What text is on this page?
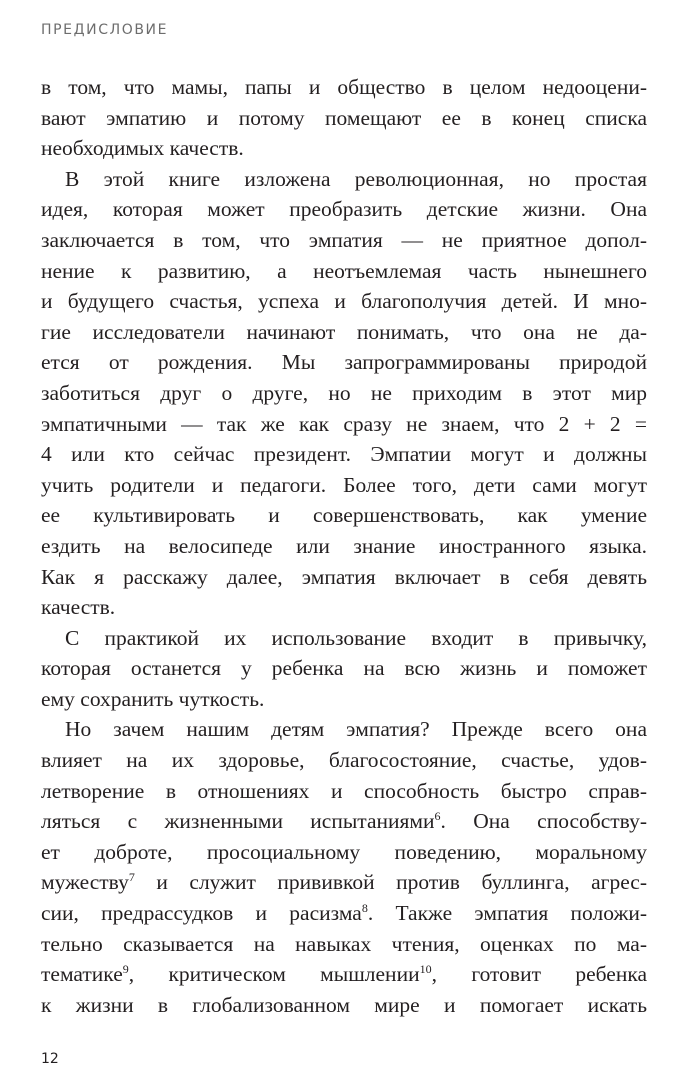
ПРЕДИСЛОВИЕ
в том, что мамы, папы и общество в целом недооцени-
вают эмпатию и потому помещают ее в конец списка
необходимых качеств.
В этой книге изложена революционная, но простая
идея, которая может преобразить детские жизни. Она
заключается в том, что эмпатия — не приятное допол-
нение к развитию, а неотъемлемая часть нынешнего
и будущего счастья, успеха и благополучия детей. И мно-
гие исследователи начинают понимать, что она не да-
ется от рождения. Мы запрограммированы природой
заботиться друг о друге, но не приходим в этот мир
эмпатичными — так же как сразу не знаем, что 2 + 2 =
4 или кто сейчас президент. Эмпатии могут и должны
учить родители и педагоги. Более того, дети сами могут
ее культивировать и совершенствовать, как умение
ездить на велосипеде или знание иностранного языка.
Как я расскажу далее, эмпатия включает в себя девять
качеств.
С практикой их использование входит в привычку,
которая останется у ребенка на всю жизнь и поможет
ему сохранить чуткость.
Но зачем нашим детям эмпатия? Прежде всего она
влияет на их здоровье, благосостояние, счастье, удов-
летворение в отношениях и способность быстро справ-
ляться с жизненными испытаниями$^6$. Она способству-
ет доброте, просоциальному поведению, моральному
мужеству$^7$ и служит прививкой против буллинга, агрес-
сии, предрассудков и расизма$^8$. Также эмпатия положи-
тельно сказывается на навыках чтения, оценках по ма-
тематике$^9$, критическом мышлении$^{10}$, готовит ребенка
к жизни в глобализованном мире и помогает искать
12
